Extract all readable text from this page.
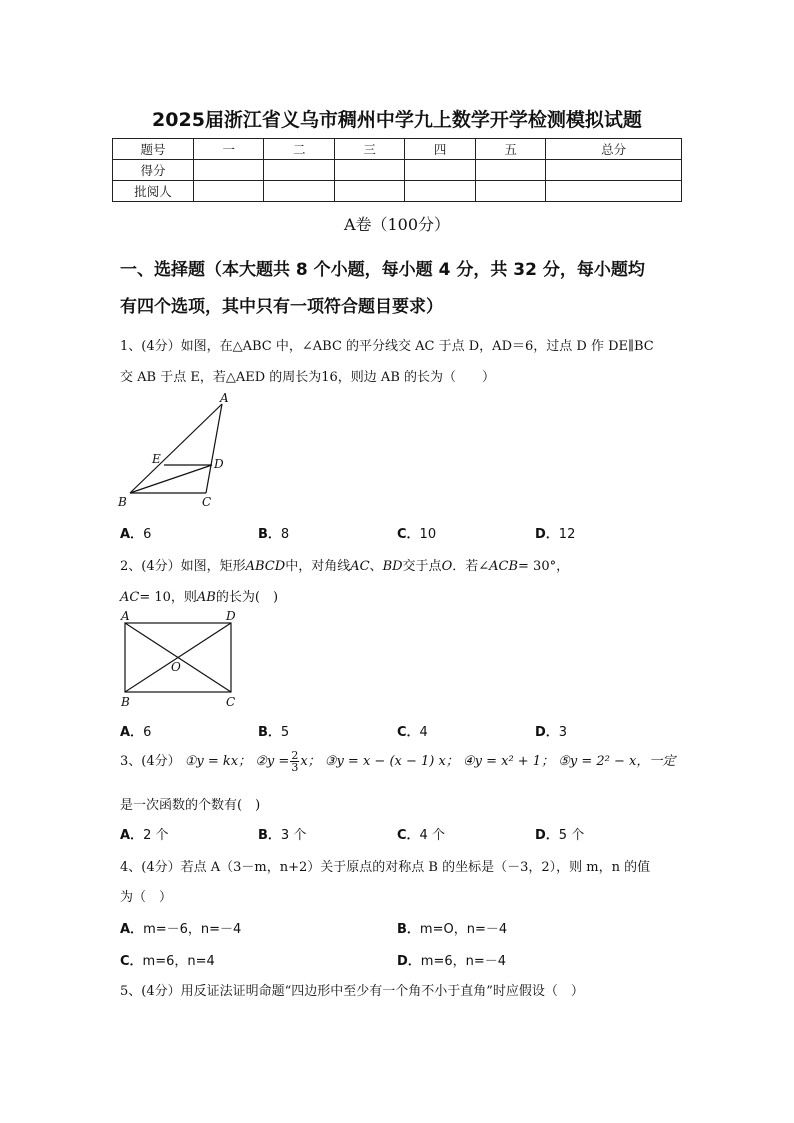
2025届浙江省义乌市稠州中学九上数学开学检测模拟试题
题号	一	二	三	四	五	总分
得分						
批阅人						
A卷（100分）
一、选择题（本大题共 8 个小题，每小题 4 分，共 32 分，每小题均
有四个选项，其中只有一项符合题目要求）
1、(4分）如图，在△ABC 中，∠ABC 的平分线交 AC 于点 D，AD＝6，过点 D 作 DE∥BC
交 AB 于点 E，若△AED 的周长为16，则边 AB 的长为（　　）
A
E	D
B	C
A．6	B．8	C．10	D．12
2、(4分）如图，矩形ABCD中，对角线AC、BD交于点O．若∠ACB= 30°，
AC= 10，则AB的长为(　)
A	D
O
B	C
A．6	B．5	C．4	D．3
3、(4分） ①y = kx； ②y = $\frac{2}{3}$ x； ③y = x − (x − 1) x； ④y = x² + 1； ⑤y = 2² − x，一定
是一次函数的个数有(　)
A．2 个	B．3 个	C．4 个	D．5 个
4、(4分）若点 A（3－m，n+2）关于原点的对称点 B 的坐标是（－3，2），则 m，n 的值
为（　）
A．m=－6，n=－4	B．m=O，n=－4
C．m=6，n=4	D．m=6，n=－4
5、(4分）用反证法证明命题“四边形中至少有一个角不小于直角”时应假设（　）
